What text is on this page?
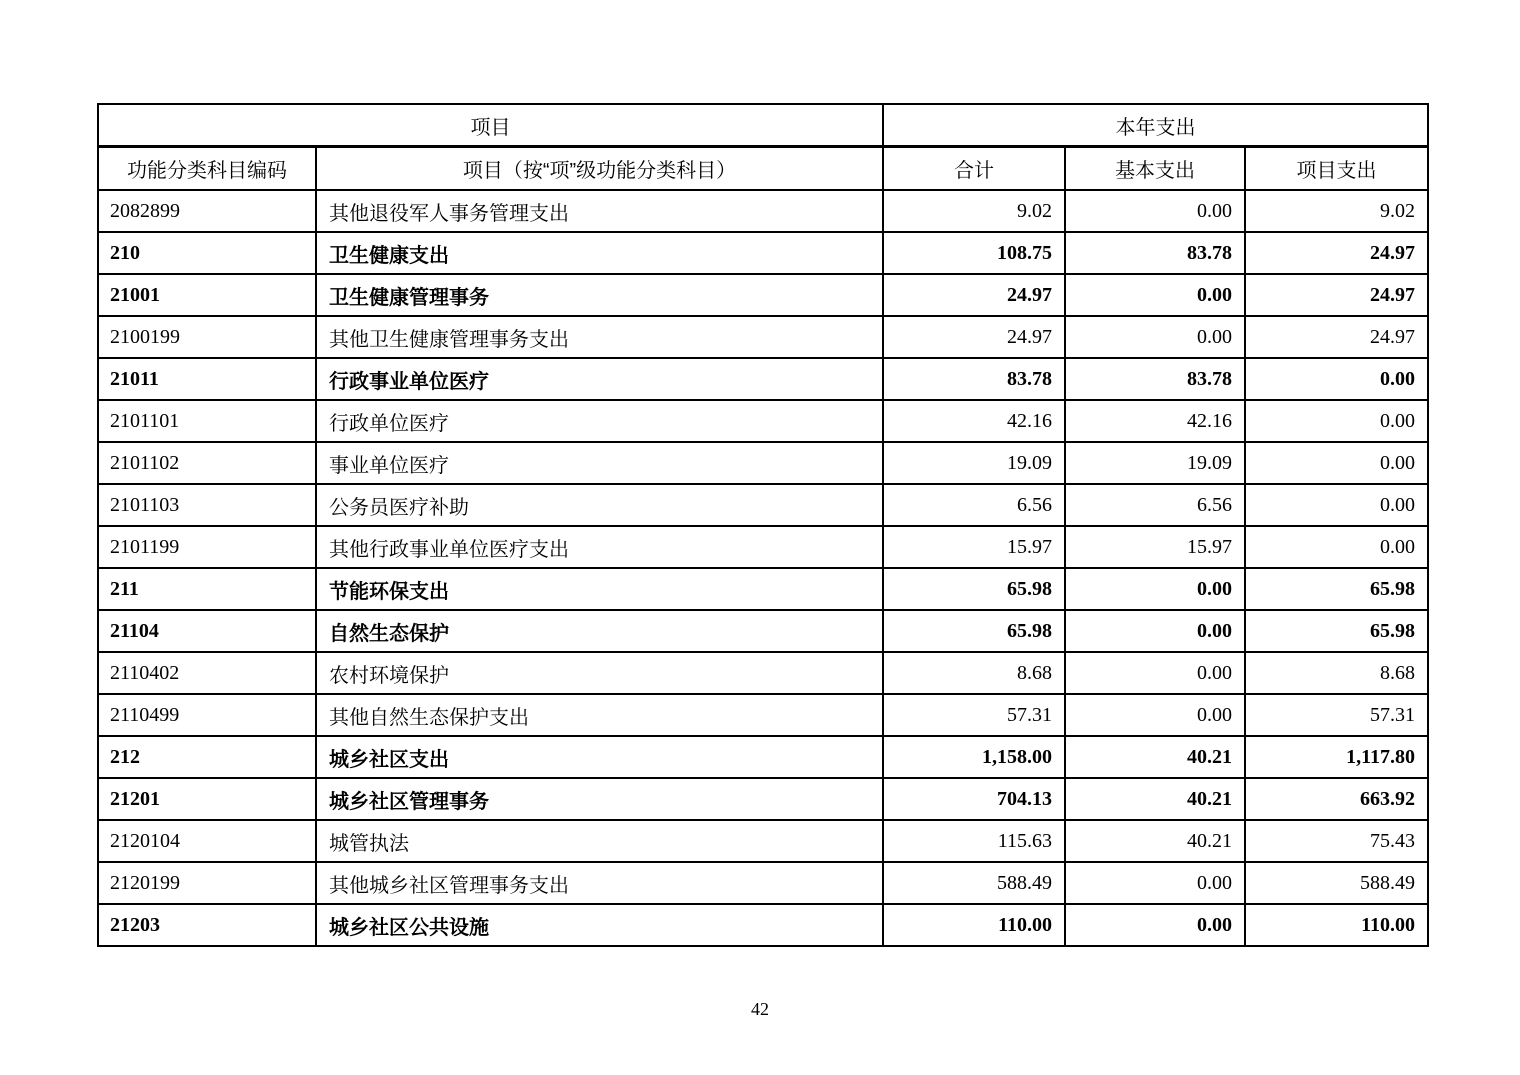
项目		本年支出		
功能分类科目编码	项目（按“项”级功能分类科目）	合计	基本支出	项目支出
2082899	其他退役军人事务管理支出	9.02	0.00	9.02
210	卫生健康支出	108.75	83.78	24.97
21001	卫生健康管理事务	24.97	0.00	24.97
2100199	其他卫生健康管理事务支出	24.97	0.00	24.97
21011	行政事业单位医疗	83.78	83.78	0.00
2101101	行政单位医疗	42.16	42.16	0.00
2101102	事业单位医疗	19.09	19.09	0.00
2101103	公务员医疗补助	6.56	6.56	0.00
2101199	其他行政事业单位医疗支出	15.97	15.97	0.00
211	节能环保支出	65.98	0.00	65.98
21104	自然生态保护	65.98	0.00	65.98
2110402	农村环境保护	8.68	0.00	8.68
2110499	其他自然生态保护支出	57.31	0.00	57.31
212	城乡社区支出	1,158.00	40.21	1,117.80
21201	城乡社区管理事务	704.13	40.21	663.92
2120104	城管执法	115.63	40.21	75.43
2120199	其他城乡社区管理事务支出	588.49	0.00	588.49
21203	城乡社区公共设施	110.00	0.00	110.00
42
